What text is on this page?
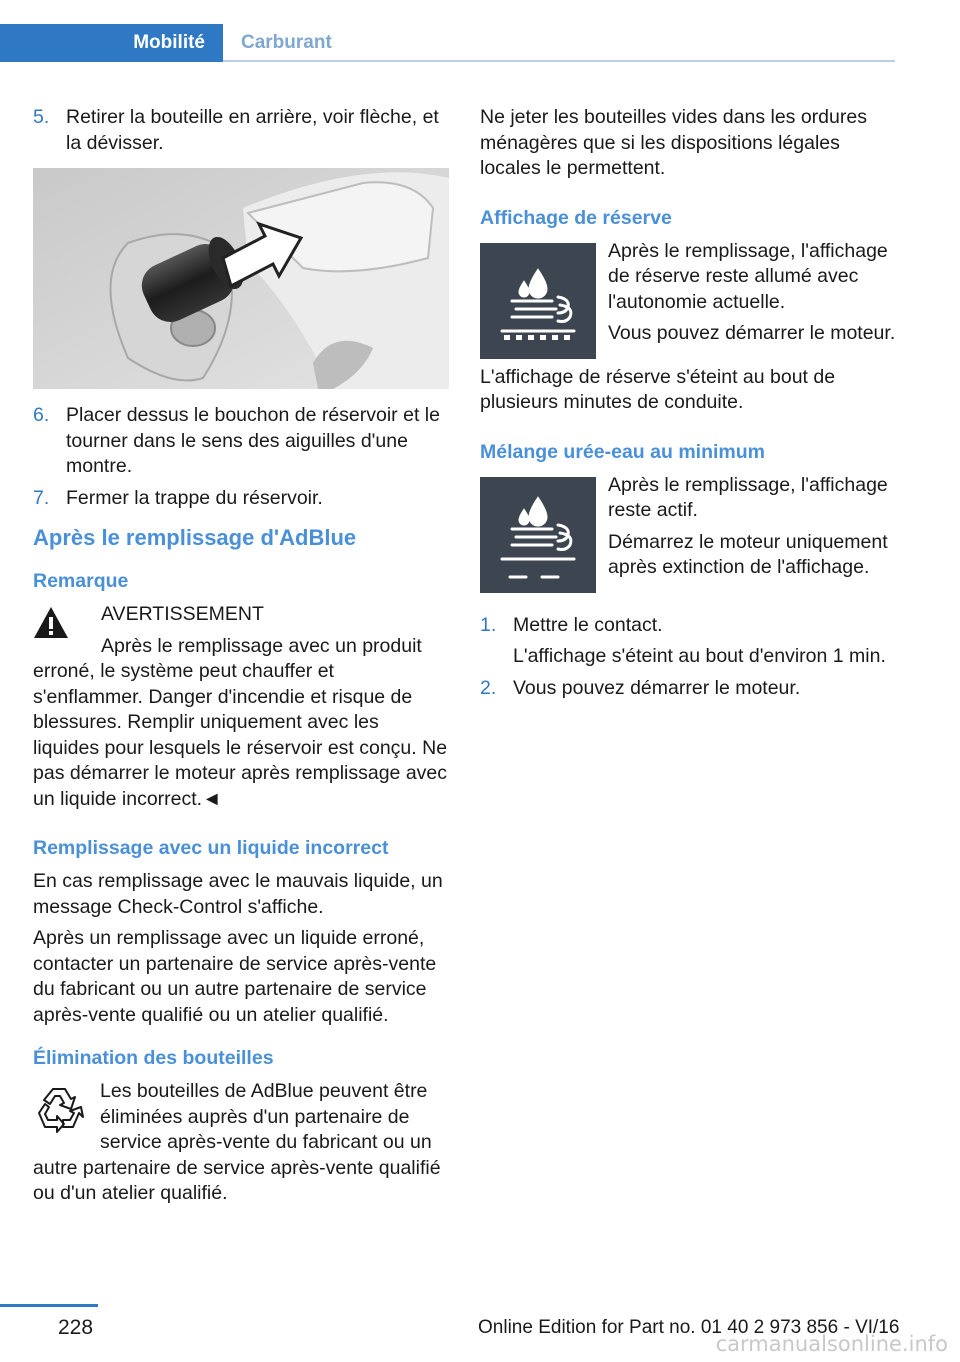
Mobilité	Carburant
5. Retirer la bouteille en arrière, voir flèche, et la dévisser.
6. Placer dessus le bouchon de réservoir et le tourner dans le sens des aiguilles d'une montre.
7. Fermer la trappe du réservoir.
Après le remplissage d'AdBlue
Remarque

AVERTISSEMENT

Après le remplissage avec un produit erroné, le système peut chauffer et s'enflammer. Danger d'incendie et risque de blessures. Remplir uniquement avec les liquides pour lesquels le réservoir est conçu. Ne pas démarrer le moteur après remplissage avec un liquide incorrect.◄

Remplissage avec un liquide incorrect

En cas remplissage avec le mauvais liquide, un message Check-Control s'affiche.

Après un remplissage avec un liquide erroné, contacter un partenaire de service après-vente du fabricant ou un autre partenaire de service après-vente qualifié ou un atelier qualifié.

Élimination des bouteilles

Les bouteilles de AdBlue peuvent être éliminées auprès d'un partenaire de service après-vente du fabricant ou un autre partenaire de service après-vente qualifié ou d'un atelier qualifié.

Ne jeter les bouteilles vides dans les ordures ménagères que si les dispositions légales locales le permettent.

Affichage de réserve

Après le remplissage, l'affichage de réserve reste allumé avec l'autonomie actuelle.

Vous pouvez démarrer le moteur.

L'affichage de réserve s'éteint au bout de plusieurs minutes de conduite.

Mélange urée-eau au minimum

Après le remplissage, l'affichage reste actif.

Démarrez le moteur uniquement après extinction de l'affichage.

1. Mettre le contact.

L'affichage s'éteint au bout d'environ 1 min.

2. Vous pouvez démarrer le moteur.
228	Online Edition for Part no. 01 40 2 973 856 - VI/16
carmanualsonline.info
